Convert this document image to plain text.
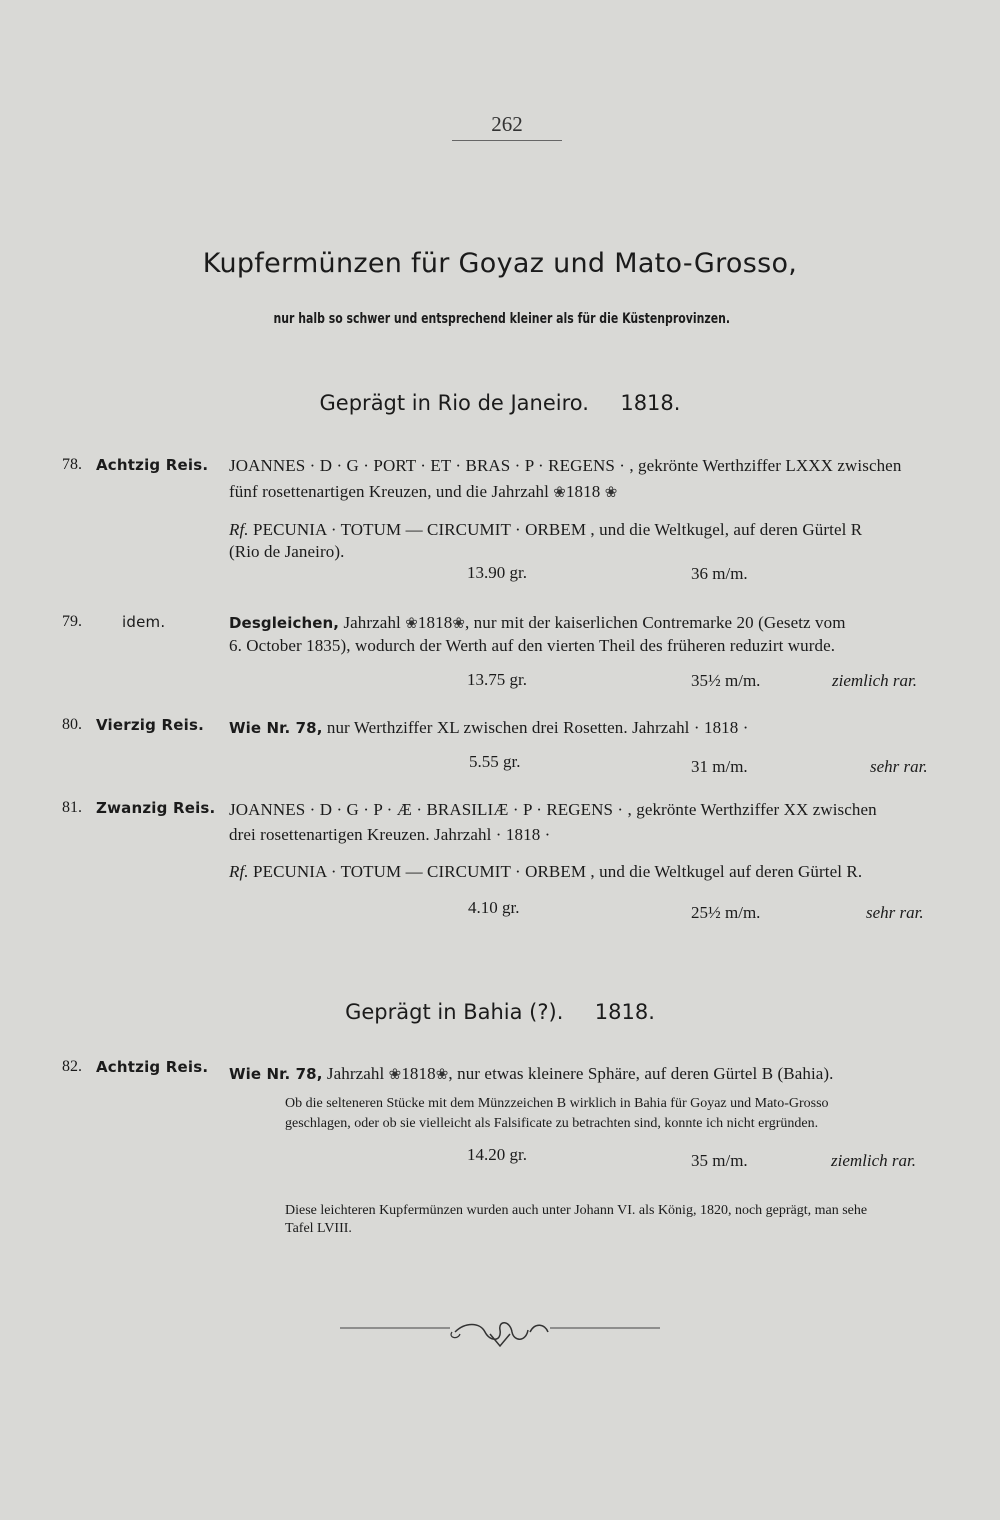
262
Kupfermünzen für Goyaz und Mato-Grosso,
nur halb so schwer und entsprechend kleiner als für die Küstenprovinzen.
Geprägt in Rio de Janeiro. 1818.
78. Achtzig Reis. JOANNES · D · G · PORT · ET · BRAS · P · REGENS · , gekrönte Werthziffer LXXX zwischen
fünf rosettenartigen Kreuzen, und die Jahrzahl ❀1818 ❀
Rf. PECUNIA · TOTUM — CIRCUMIT · ORBEM , und die Weltkugel, auf deren Gürtel R
(Rio de Janeiro).
13.90 gr.	36 m/m.
79.	idem.	Desgleichen, Jahrzahl ❀1818❀, nur mit der kaiserlichen Contremarke 20 (Gesetz vom
6. October 1835), wodurch der Werth auf den vierten Theil des früheren reduzirt wurde.
13.75 gr.	35½ m/m.	ziemlich rar.
80. Vierzig Reis. Wie Nr. 78, nur Werthziffer XL zwischen drei Rosetten. Jahrzahl · 1818 ·
5.55 gr.	31 m/m.	sehr rar.
81. Zwanzig Reis. JOANNES · D · G · P · Æ · BRASILIÆ · P · REGENS · , gekrönte Werthziffer XX zwischen
drei rosettenartigen Kreuzen. Jahrzahl · 1818 ·
Rf. PECUNIA · TOTUM — CIRCUMIT · ORBEM , und die Weltkugel auf deren Gürtel R.
4.10 gr.	25½ m/m.	sehr rar.
Geprägt in Bahia (?). 1818.
82. Achtzig Reis. Wie Nr. 78, Jahrzahl ❀1818❀, nur etwas kleinere Sphäre, auf deren Gürtel B (Bahia).
Ob die selteneren Stücke mit dem Münzzeichen B wirklich in Bahia für Goyaz und Mato-Grosso
geschlagen, oder ob sie vielleicht als Falsificate zu betrachten sind, konnte ich nicht ergründen.
14.20 gr.	35 m/m.	ziemlich rar.
Diese leichteren Kupfermünzen wurden auch unter Johann VI. als König, 1820, noch geprägt, man sehe
Tafel LVIII.
